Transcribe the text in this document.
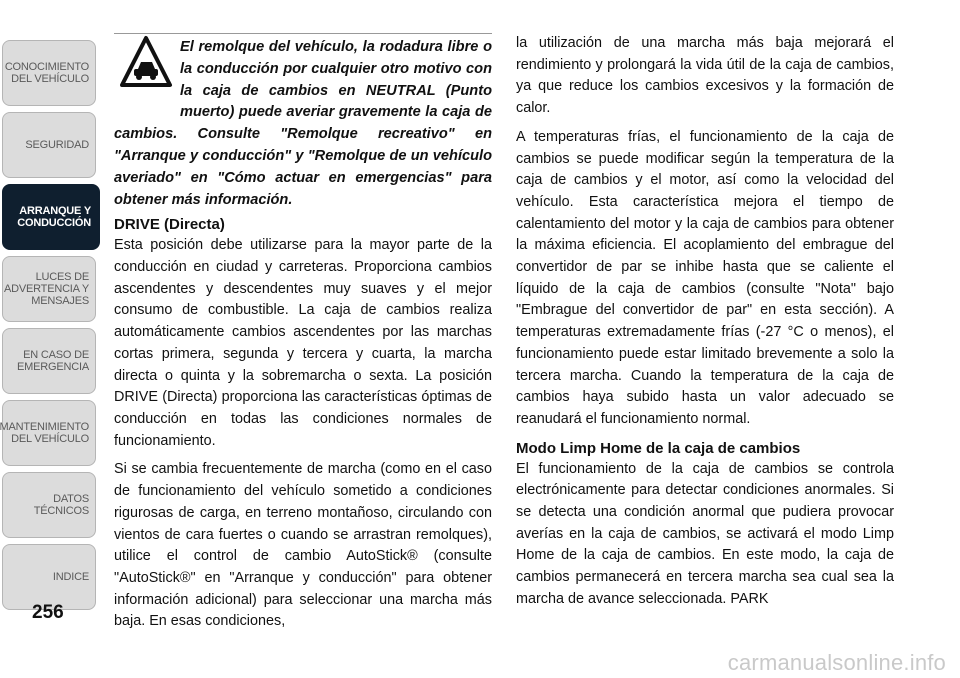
CONOCIMIENTO
DEL VEHÍCULO
SEGURIDAD
ARRANQUE Y
CONDUCCIÓN
LUCES DE
ADVERTENCIA Y
MENSAJES
EN CASO DE
EMERGENCIA
MANTENIMIENTO
DEL VEHÍCULO
DATOS
TÉCNICOS
INDICE
256

El remolque del vehículo, la rodadura libre o la conducción por cualquier otro motivo con la caja de cambios en NEUTRAL (Punto muerto) puede averiar gravemente la caja de cambios. Consulte "Remolque recreativo" en "Arranque y conducción" y "Remolque de un vehículo averiado" en "Cómo actuar en emergencias" para obtener más información.

DRIVE (Directa)

Esta posición debe utilizarse para la mayor parte de la conducción en ciudad y carreteras. Proporciona cambios ascendentes y descendentes muy suaves y el mejor consumo de combustible. La caja de cambios realiza automáticamente cambios ascendentes por las marchas cortas primera, segunda y tercera y cuarta, la marcha directa o quinta y la sobremarcha o sexta. La posición DRIVE (Directa) proporciona las características óptimas de conducción en todas las condiciones normales de funcionamiento.

Si se cambia frecuentemente de marcha (como en el caso de funcionamiento del vehículo sometido a condiciones rigurosas de carga, en terreno montañoso, circulando con vientos de cara fuertes o cuando se arrastran remolques), utilice el control de cambio AutoStick® (consulte "AutoStick®" en "Arranque y conducción" para obtener información adicional) para seleccionar una marcha más baja. En esas condiciones,

la utilización de una marcha más baja mejorará el rendimiento y prolongará la vida útil de la caja de cambios, ya que reduce los cambios excesivos y la formación de calor.

A temperaturas frías, el funcionamiento de la caja de cambios se puede modificar según la temperatura de la caja de cambios y el motor, así como la velocidad del vehículo. Esta característica mejora el tiempo de calentamiento del motor y la caja de cambios para obtener la máxima eficiencia. El acoplamiento del embrague del convertidor de par se inhibe hasta que se caliente el líquido de la caja de cambios (consulte "Nota" bajo "Embrague del convertidor de par" en esta sección). A temperaturas extremadamente frías (-27 °C o menos), el funcionamiento puede estar limitado brevemente a solo la tercera marcha. Cuando la temperatura de la caja de cambios haya subido hasta un valor adecuado se reanudará el funcionamiento normal.

Modo Limp Home de la caja de cambios

El funcionamiento de la caja de cambios se controla electrónicamente para detectar condiciones anormales. Si se detecta una condición anormal que pudiera provocar averías en la caja de cambios, se activará el modo Limp Home de la caja de cambios. En este modo, la caja de cambios permanecerá en tercera marcha sea cual sea la marcha de avance seleccionada. PARK

carmanualsonline.info
